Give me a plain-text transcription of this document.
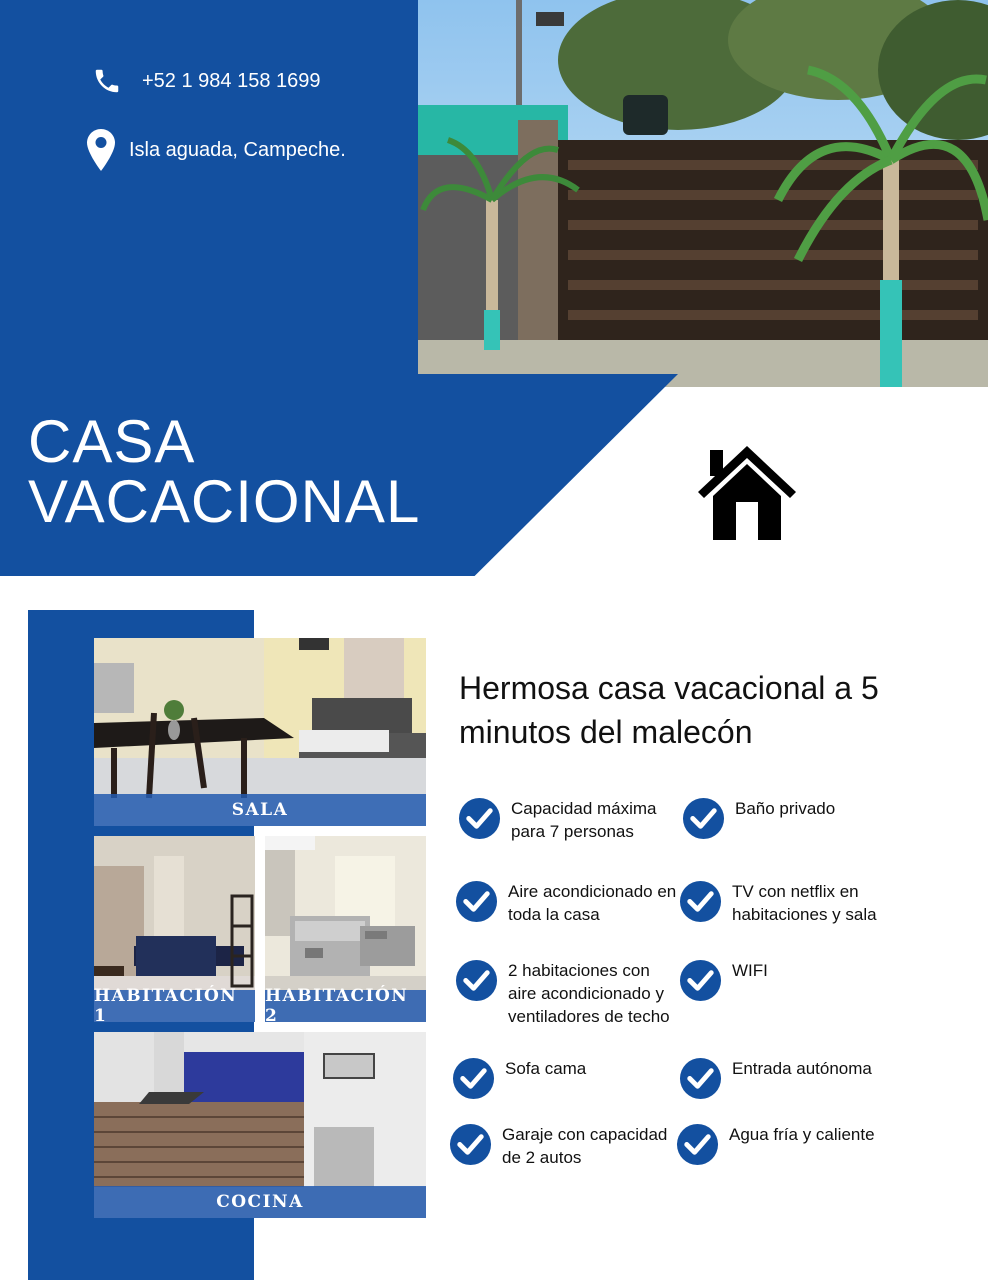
+52 1 984 158 1699
Isla aguada, Campeche.
CASA
VACACIONAL
SALA
HABITACIÓN 1
HABITACIÓN 2
COCINA
Hermosa casa vacacional a 5 minutos del malecón
Capacidad máxima para 7 personas
Baño privado
Aire acondicionado en toda la casa
TV con netflix en habitaciones y sala
2 habitaciones con aire acondicionado y ventiladores de techo
WIFI
Sofa cama	Entrada autónoma
Garaje con capacidad de 2 autos
Agua fría y caliente
